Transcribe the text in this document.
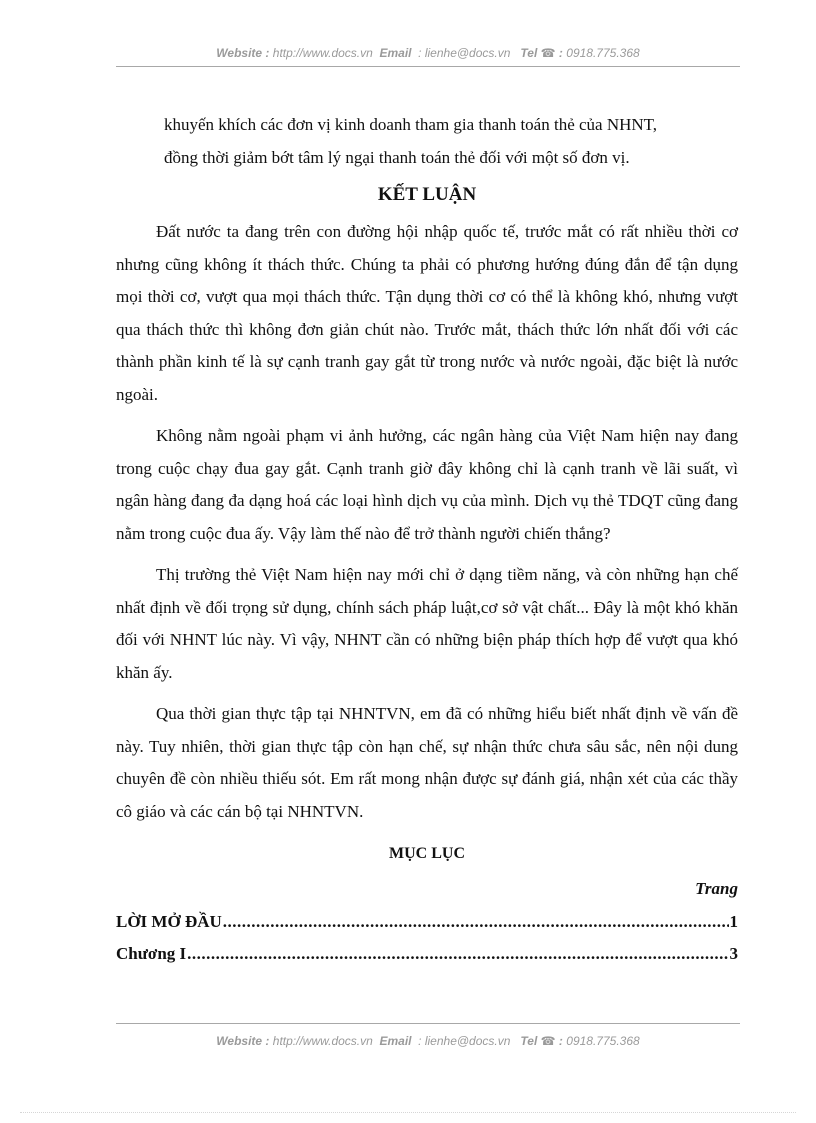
Website : http://www.docs.vn Email : lienhe@docs.vn Tel ☎ : 0918.775.368

khuyến khích các đơn vị kinh doanh tham gia thanh toán thẻ của NHNT,

đồng thời giảm bớt tâm lý ngại thanh toán thẻ đối với một số đơn vị.

KẾT LUẬN

Đất nước ta đang trên con đường hội nhập quốc tế, trước mắt có rất nhiều thời cơ nhưng cũng không ít thách thức. Chúng ta phải có phương hướng đúng đắn để tận dụng mọi thời cơ, vượt qua mọi thách thức. Tận dụng thời cơ có thể là không khó, nhưng vượt qua thách thức thì không đơn giản chút nào. Trước mắt, thách thức lớn nhất đối với các thành phần kinh tế là sự cạnh tranh gay gắt từ trong nước và nước ngoài, đặc biệt là nước ngoài.

Không nằm ngoài phạm vi ảnh hưởng, các ngân hàng của Việt Nam hiện nay đang trong cuộc chạy đua gay gắt. Cạnh tranh giờ đây không chỉ là cạnh tranh về lãi suất, vì ngân hàng đang đa dạng hoá các loại hình dịch vụ của mình. Dịch vụ thẻ TDQT cũng đang nằm trong cuộc đua ấy. Vậy làm thế nào để trở thành người chiến thắng?

Thị trường thẻ Việt Nam hiện nay mới chỉ ở dạng tiềm năng, và còn những hạn chế nhất định về đối trọng sử dụng, chính sách pháp luật,cơ sở vật chất... Đây là một khó khăn đối với NHNT lúc này. Vì vậy, NHNT cần có những biện pháp thích hợp để vượt qua khó khăn ấy.

Qua thời gian thực tập tại NHNTVN, em đã có những hiểu biết nhất định về vấn đề này. Tuy nhiên, thời gian thực tập còn hạn chế, sự nhận thức chưa sâu sắc, nên nội dung chuyên đề còn nhiều thiếu sót. Em rất mong nhận được sự đánh giá, nhận xét của các thầy cô giáo và các cán bộ tại NHNTVN.

MỤC LỤC
Trang
LỜI MỞ ĐẦU .....	1
Chương I .....	3
Website : http://www.docs.vn Email : lienhe@docs.vn Tel ☎ : 0918.775.368
